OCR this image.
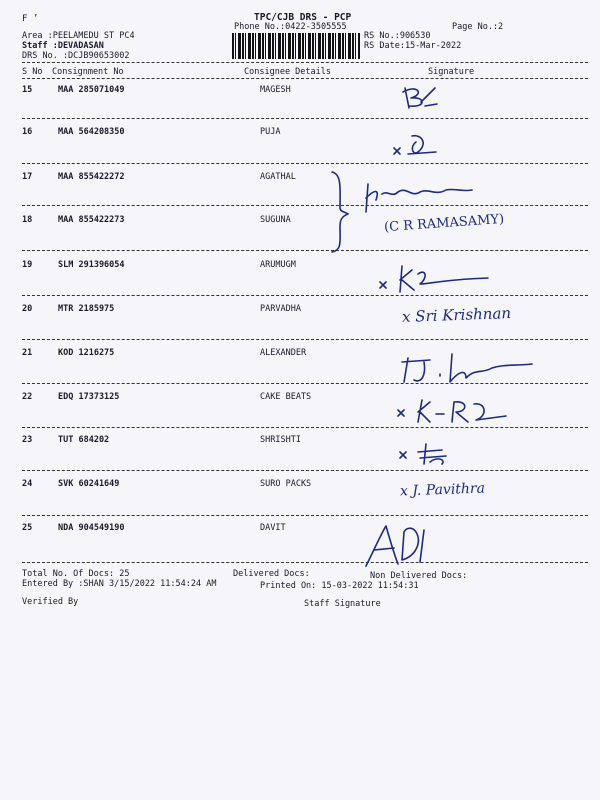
F ’	TPC/CJB DRS - PCP
Phone No.:0422-3505555	Page No.:2
Area :PEELAMEDU ST PC4
Staff :DEVADASAN
DRS No. :DCJB90653002
RS No.:906530
RS Date:15-Mar-2022
S No Consignment No	Consignee Details	Signature
15	MAA 285071049	MAGESH
16	MAA 564208350	PUJA
17	MAA 855422272	AGATHAL
18	MAA 855422273	SUGUNA
19	SLM 291396054	ARUMUGM
20	MTR 2185975	PARVADHA
21	KOD 1216275	ALEXANDER
22	EDQ 17373125	CAKE BEATS
23	TUT 684202	SHRISHTI
24	SVK 60241649	SURO PACKS
25	NDA 904549190	DAVIT
(C R RAMASAMY)
x Sri Krishnan
x J. Pavithra
Total No. Of Docs: 25	Delivered Docs:	Non Delivered Docs:
Entered By :SHAN 3/15/2022 11:54:24 AM	Printed On: 15-03-2022 11:54:31
Verified By	Staff Signature
